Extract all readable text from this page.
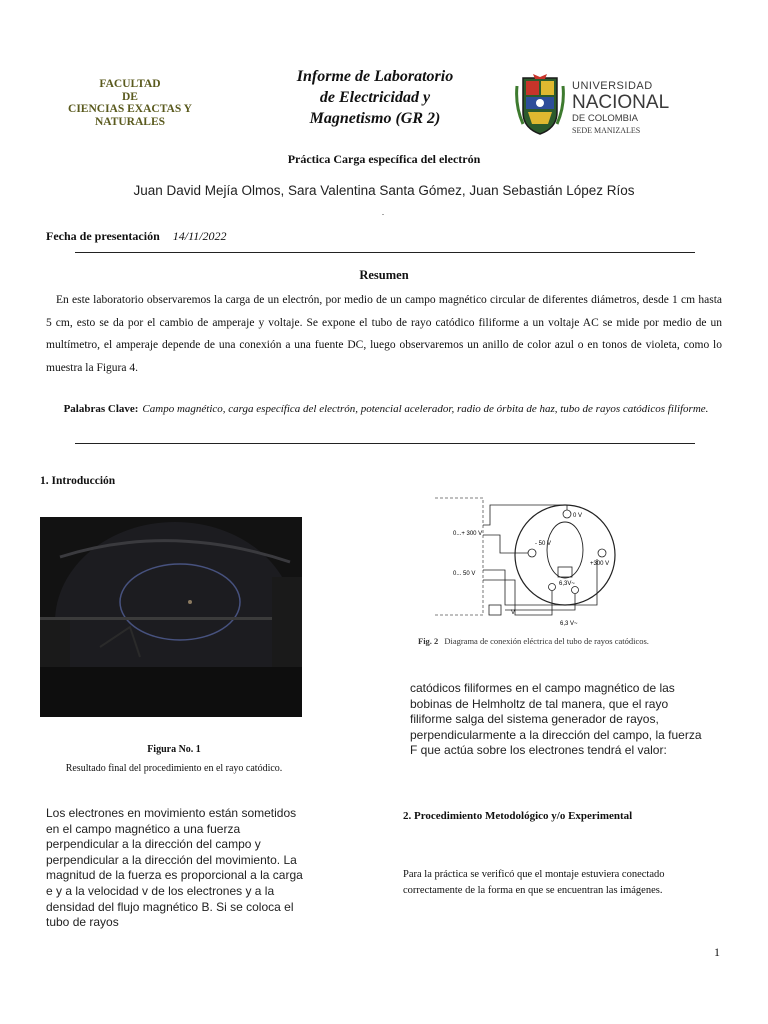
FACULTAD
DE
CIENCIAS EXACTAS Y
NATURALES
Informe de Laboratorio
de Electricidad y
Magnetismo (GR 2)
UNIVERSIDAD
NACIONAL
DE COLOMBIA
SEDE MANIZALES
Práctica Carga específica del electrón
Juan David Mejía Olmos, Sara Valentina Santa Gómez, Juan Sebastián López Ríos
.
Fecha de presentación 14/11/2022
Resumen
En este laboratorio observaremos la carga de un electrón, por medio de un campo magnético circular de diferentes diámetros, desde 1 cm hasta 5 cm, esto se da por el cambio de amperaje y voltaje. Se expone el tubo de rayo catódico filiforme a un voltaje AC se mide por medio de un multímetro, el amperaje depende de una conexión a una fuente DC, luego observaremos un anillo de color azul o en tonos de violeta, como lo muestra la Figura 4.
Palabras Clave: Campo magnético, carga específica del electrón, potencial acelerador, radio de órbita de haz, tubo de rayos catódicos filiforme.
1. Introducción
Figura No. 1
Resultado final del procedimiento en el rayo catódico.
V
0 V
0...+ 300 V
- 50 V
+300 V
0... 50 V
6,3V~
6,3 V~
Fig. 2 Diagrama de conexión eléctrica del tubo de rayos catódicos.
catódicos filiformes en el campo magnético de las bobinas de Helmholtz de tal manera, que el rayo filiforme salga del sistema generador de rayos, perpendicularmente a la dirección del campo, la fuerza F que actúa sobre los electrones tendrá el valor:
Los electrones en movimiento están sometidos en el campo magnético a una fuerza perpendicular a la dirección del campo y perpendicular a la dirección del movimiento. La magnitud de la fuerza es proporcional a la carga e y a la velocidad v de los electrones y a la densidad del flujo magnético B. Si se coloca el tubo de rayos
2. Procedimiento Metodológico y/o Experimental
Para la práctica se verificó que el montaje estuviera conectado correctamente de la forma en que se encuentran las imágenes.
1
